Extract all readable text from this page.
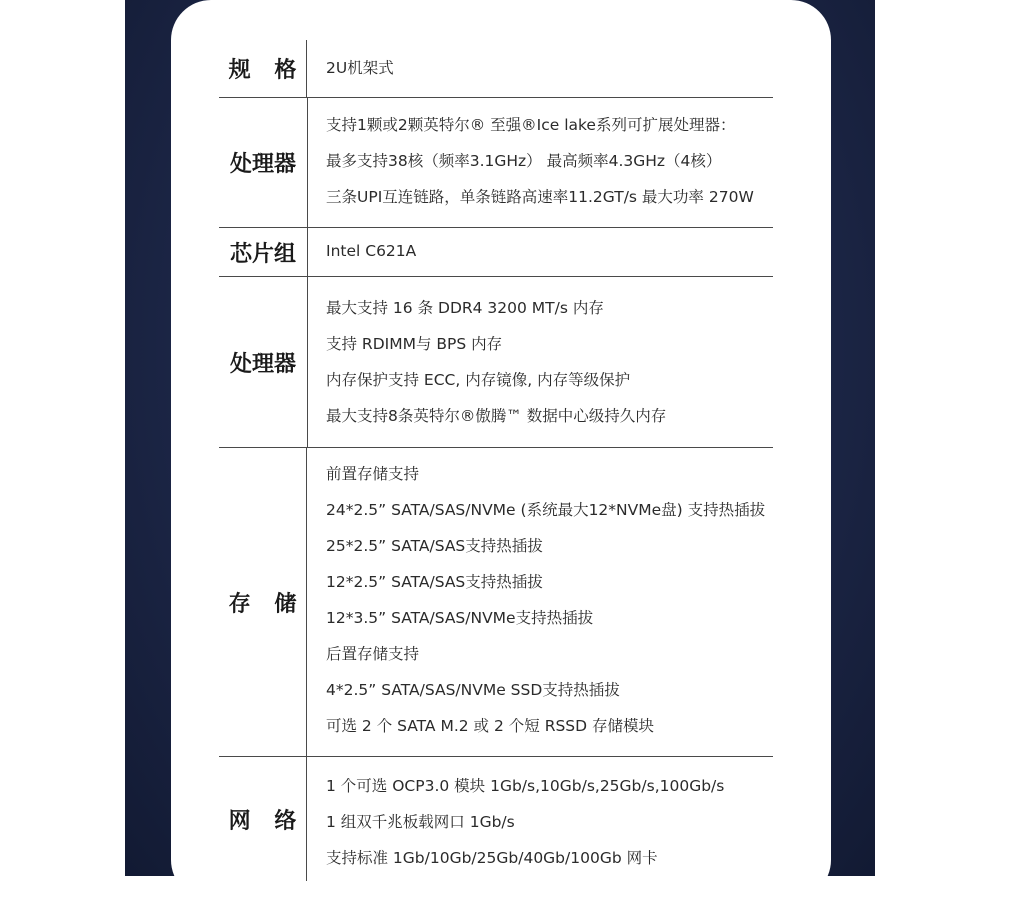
规 格 2U机架式
处理器
支持1颗或2颗英特尔® 至强®Ice lake系列可扩展处理器：
最多支持38核（频率3.1GHz） 最高频率4.3GHz（4核）
三条UPI互连链路，单条链路高速率11.2GT/s 最大功率 270W
芯片组	Intel C621A
处理器
最大支持 16 条 DDR4 3200 MT/s 内存
支持 RDIMM与 BPS 内存
内存保护支持 ECC, 内存镜像, 内存等级保护
最大支持8条英特尔®傲腾™ 数据中心级持久内存
存 储
前置存储支持
24*2.5” SATA/SAS/NVMe (系统最大12*NVMe盘) 支持热插拔
25*2.5” SATA/SAS支持热插拔
12*2.5” SATA/SAS支持热插拔
12*3.5” SATA/SAS/NVMe支持热插拔
后置存储支持
4*2.5” SATA/SAS/NVMe SSD支持热插拔
可选 2 个 SATA M.2 或 2 个短 RSSD 存储模块
网 络
1 个可选 OCP3.0 模块 1Gb/s,10Gb/s,25Gb/s,100Gb/s
1 组双千兆板载网口 1Gb/s
支持标准 1Gb/10Gb/25Gb/40Gb/100Gb 网卡
